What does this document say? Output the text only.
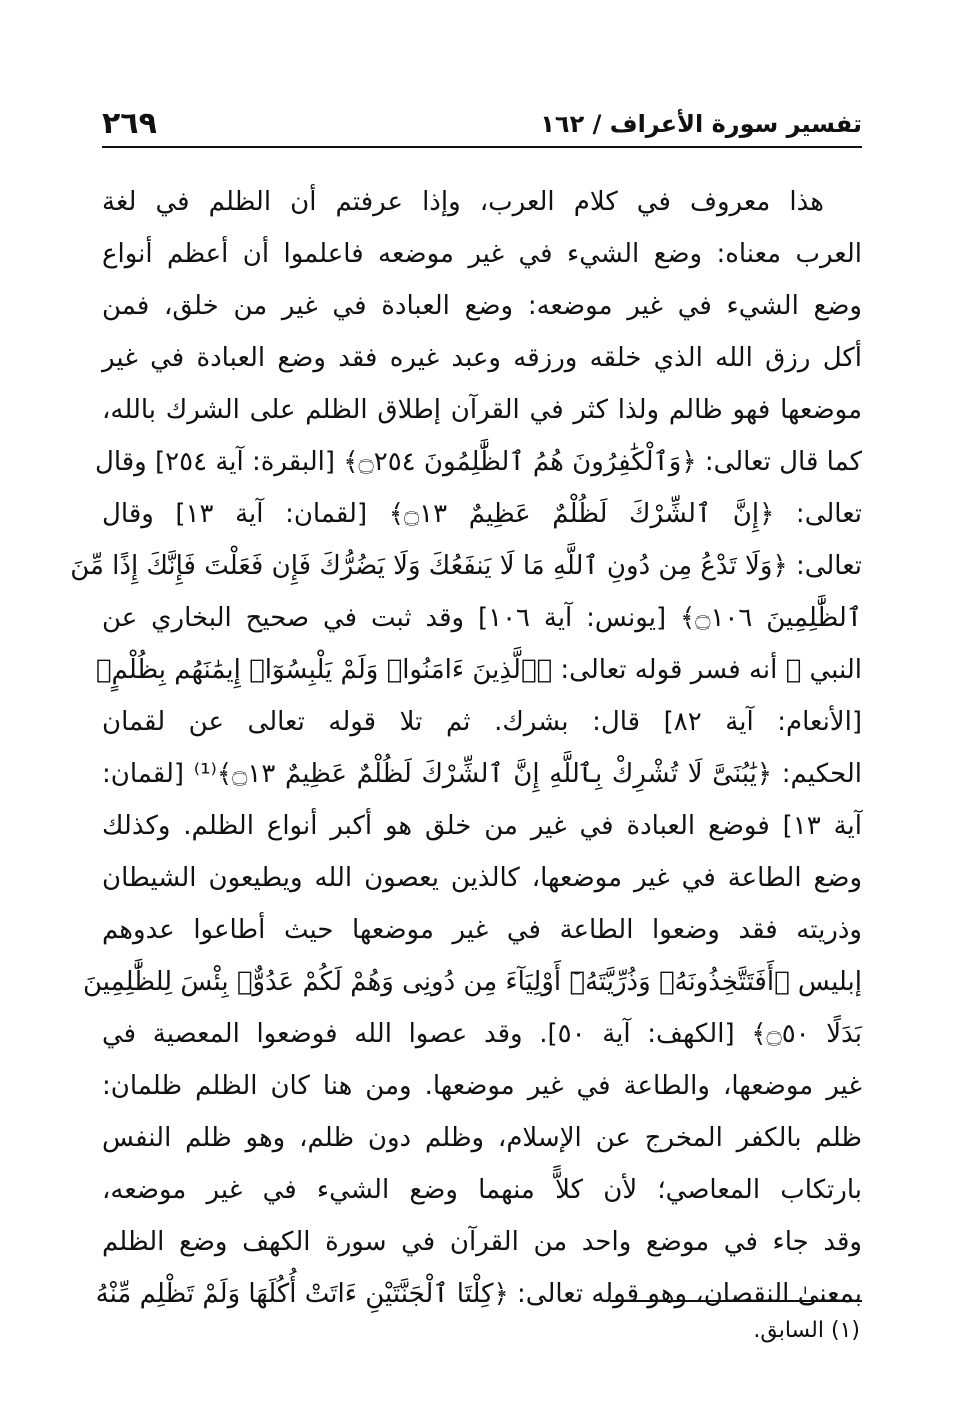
تفسير سورة الأعراف / ١٦٢
٢٦٩
هذا معروف في كلام العرب، وإذا عرفتم أن الظلم في لغة
العرب معناه: وضع الشيء في غير موضعه فاعلموا أن أعظم أنواع
وضع الشيء في غير موضعه: وضع العبادة في غير من خلق، فمن
أكل رزق الله الذي خلقه ورزقه وعبد غيره فقد وضع العبادة في غير
موضعها فهو ظالم ولذا كثر في القرآن إطلاق الظلم على الشرك بالله،
كما قال تعالى: ﴿وَٱلْكَٰفِرُونَ هُمُ ٱلظَّٰلِمُونَ ۝٢٥٤﴾ [البقرة: آية ٢٥٤] وقال
تعالى: ﴿إِنَّ ٱلشِّرْكَ لَظُلْمٌ عَظِيمٌ ۝١٣﴾ [لقمان: آية ١٣] وقال
تعالى: ﴿وَلَا تَدْعُ مِن دُونِ ٱللَّهِ مَا لَا يَنفَعُكَ وَلَا يَضُرُّكَ فَإِن فَعَلْتَ فَإِنَّكَ إِذًا مِّنَ
ٱلظَّٰلِمِينَ ۝١٠٦﴾ [يونس: آية ١٠٦] وقد ثبت في صحيح البخاري عن
النبي ﷺ أنه فسر قوله تعالى: ﴿ٱلَّذِينَ ءَامَنُوا۟ وَلَمْ يَلْبِسُوٓا۟ إِيمَٰنَهُم بِظُلْمٍ﴾
[الأنعام: آية ٨٢] قال: بشرك. ثم تلا قوله تعالى عن لقمان
الحكيم: ﴿يَٰبُنَىَّ لَا تُشْرِكْ بِٱللَّهِ إِنَّ ٱلشِّرْكَ لَظُلْمٌ عَظِيمٌ ۝١٣﴾⁽¹⁾ [لقمان:
آية ١٣] فوضع العبادة في غير من خلق هو أكبر أنواع الظلم. وكذلك
وضع الطاعة في غير موضعها، كالذين يعصون الله ويطيعون الشيطان
وذريته فقد وضعوا الطاعة في غير موضعها حيث أطاعوا عدوهم
إبليس ﴿أَفَتَتَّخِذُونَهُۥ وَذُرِّيَّتَهُۥٓ أَوْلِيَآءَ مِن دُونِى وَهُمْ لَكُمْ عَدُوٌّۢ بِئْسَ لِلظَّٰلِمِينَ
بَدَلًا ۝٥٠﴾ [الكهف: آية ٥٠]. وقد عصوا الله فوضعوا المعصية في
غير موضعها، والطاعة في غير موضعها. ومن هنا كان الظلم ظلمان:
ظلم بالكفر المخرج عن الإسلام، وظلم دون ظلم، وهو ظلم النفس
بارتكاب المعاصي؛ لأن كلاًّ منهما وضع الشيء في غير موضعه،
وقد جاء في موضع واحد من القرآن في سورة الكهف وضع الظلم
بمعنىٰ النقصان، وهو قوله تعالى: ﴿كِلْتَا ٱلْجَنَّتَيْنِ ءَاتَتْ أُكُلَهَا وَلَمْ تَظْلِم مِّنْهُ
(١) السابق.
